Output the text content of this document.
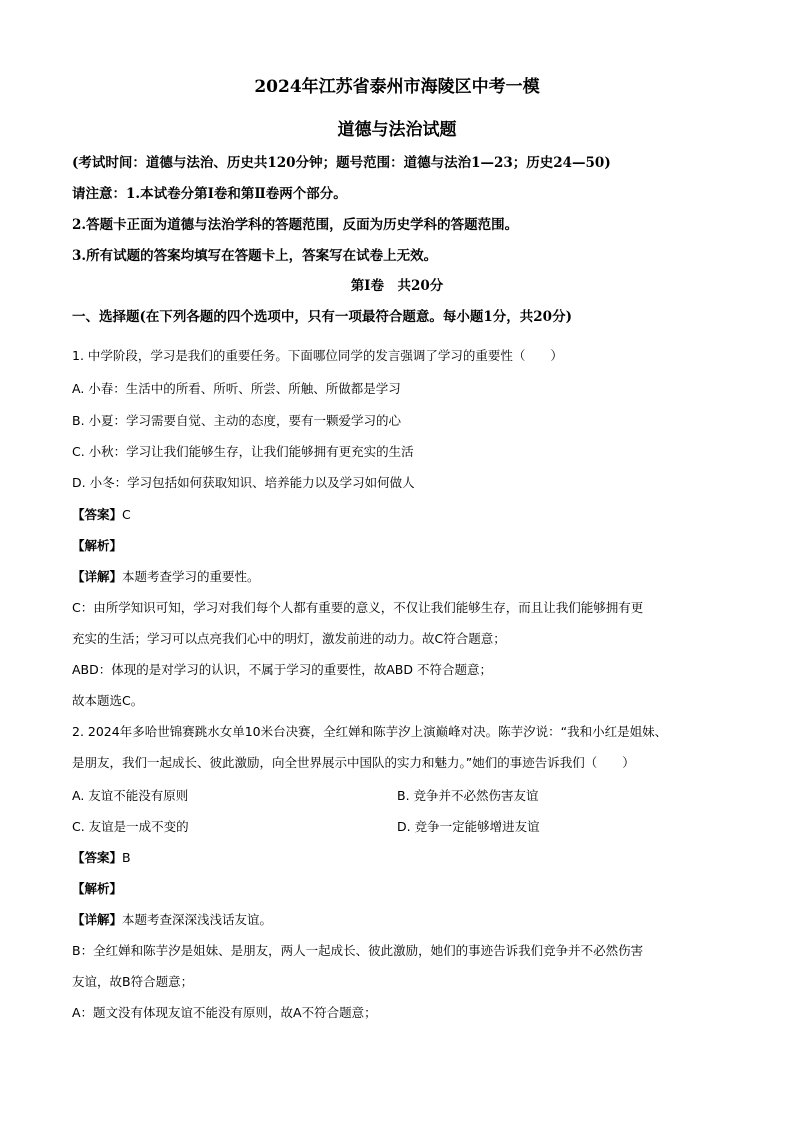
2024年江苏省泰州市海陵区中考一模
道德与法治试题
(考试时间：道德与法治、历史共120分钟；题号范围：道德与法治1—23；历史24—50)
请注意：1.本试卷分第Ⅰ卷和第Ⅱ卷两个部分。
2.答题卡正面为道德与法治学科的答题范围，反面为历史学科的答题范围。
3.所有试题的答案均填写在答题卡上，答案写在试卷上无效。
第Ⅰ卷　共20分
一、选择题(在下列各题的四个选项中，只有一项最符合题意。每小题1分，共20分)
1. 中学阶段，学习是我们的重要任务。下面哪位同学的发言强调了学习的重要性（　　）
A. 小春：生活中的所看、所听、所尝、所触、所做都是学习
B. 小夏：学习需要自觉、主动的态度，要有一颗爱学习的心
C. 小秋：学习让我们能够生存，让我们能够拥有更充实的生活
D. 小冬：学习包括如何获取知识、培养能力以及学习如何做人
【答案】C
【解析】
【详解】本题考查学习的重要性。
C：由所学知识可知，学习对我们每个人都有重要的意义，不仅让我们能够生存，而且让我们能够拥有更
充实的生活；学习可以点亮我们心中的明灯，激发前进的动力。故C符合题意；
ABD：体现的是对学习的认识，不属于学习的重要性，故ABD 不符合题意；
故本题选C。
2. 2024年多哈世锦赛跳水女单10米台决赛，全红婵和陈芋汐上演巅峰对决。陈芋汐说：“我和小红是姐妹、
是朋友，我们一起成长、彼此激励，向全世界展示中国队的实力和魅力。”她们的事迹告诉我们（　　）
A. 友谊不能没有原则	B. 竞争并不必然伤害友谊
C. 友谊是一成不变的	D. 竞争一定能够增进友谊
【答案】B
【解析】
【详解】本题考查深深浅浅话友谊。
B：全红婵和陈芋汐是姐妹、是朋友，两人一起成长、彼此激励，她们的事迹告诉我们竞争并不必然伤害
友谊，故B符合题意；
A：题文没有体现友谊不能没有原则，故A不符合题意；
